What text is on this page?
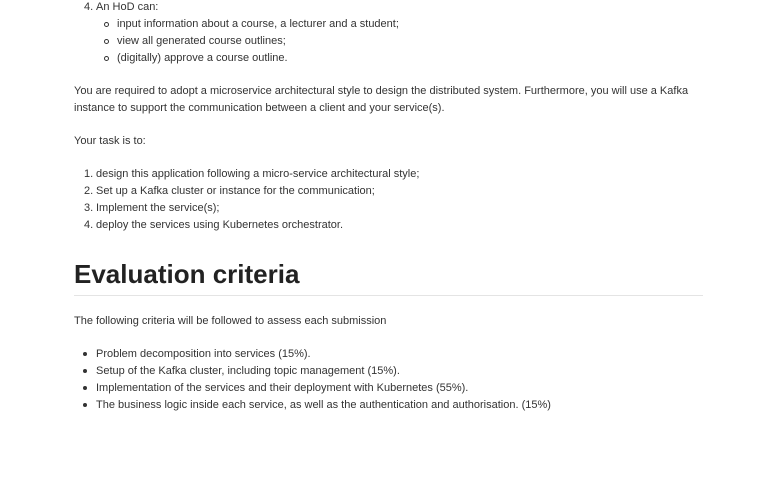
4. An HoD can:
input information about a course, a lecturer and a student;
view all generated course outlines;
(digitally) approve a course outline.
You are required to adopt a microservice architectural style to design the distributed system. Furthermore, you will use a Kafka
instance to support the communication between a client and your service(s).
Your task is to:
1. design this application following a micro-service architectural style;
2. Set up a Kafka cluster or instance for the communication;
3. Implement the service(s);
4. deploy the services using Kubernetes orchestrator.
Evaluation criteria
The following criteria will be followed to assess each submission
Problem decomposition into services (15%).
Setup of the Kafka cluster, including topic management (15%).
Implementation of the services and their deployment with Kubernetes (55%).
The business logic inside each service, as well as the authentication and authorisation. (15%)
